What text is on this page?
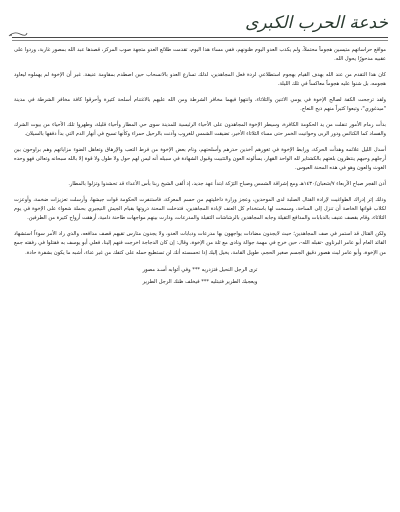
خدعة الحرب الكبرى

مواقع حراساتهم متيسين هجوماً محتملاً، ولم يكذب العدو اليوم ظنونهم، ففي مساء هذا اليوم، تقدمت طلائع العدو متجهة صوب المركز، قصدها عبد الله بمصور غاربة، وردوا على عقبيه مدحورًا يحول الله.

كان هذا التقدم من عند الله بهدف القيام بهجوم استطلاعي لردة فعل المجاهدين، لذلك تسارع العدو بالانسحاب حين اصطدم بمقاومة عنيفة. غير أن الإخوة لم يهملوه ليعاود هجومه، بل شنوا عليه هجوماً معاكساً في تلك الليلة.

ولقد ترجحت الكفة لصالح الإخوة في يومي الاثنين والثلاثاء، وانتهوا فيهما مخافر الشرطة ومن الله عليهم بالاغتنام أسلحة كثيرة وأحرقوا كافة مخافر الشرطة في مدينة "ميدغوري"، وتبعوا كثيراً منهم ذبح النعاج.

بدأت زمام الأمور تنفلت من يد الحكومة الكافرة، وسيطر الإخوة المجاهدون على الأحياء الرئيسية للمدينة سوى حي المطار وأحياء قليلة، وطهروا تلك الأحياء من بيوت الشرك والفساد كما الكنائس ودور الربى وحوانيت الخمر حتى مساء الثلاثاء الأخير، تضيقت الشمس للغروب وآذنت بالرحيل حمراء وكأنها تسيح في أنهار الدم التي بدأ دفقها بالسيلان.

أسدل الليل علائمه وهدأت الحركة، ورابط الإخوة في ثغورهم آخذين حذرهم وأسلحتهم، ونام بعض الإخوة من فرط التعب والإرهاق وتعاهل الضوء مزاياتهم وهم براوحون بين أرجلهم وحيهم ينتظرون بلغتهم بالكشتاير لله الواحد القهار، يسألونه العون والتثبيت وقبول الشهادة في سبيله أنه ليس لهم حول ولا طول ولا قوة إلا بالله سبحانه وتعالى فهو وحده الغوث والعون وهو في هذه المحنة العيوس.

أذن الفجر صباح الأربعاء ٧/شعبان/١٤٣٠هـ ومع إشراقة الشمس وصباح البَرَكة ابتدأ عهد جديد، إذ ألقى الشيخ ربنا بأس الأعداء قد تحشدوا وتزلوا بالمطار.

وذلك إثر إدراك الطواغيت لإرادة القتال الصلبة لدى الموحدين، وعجز وزارة داخليتهم من حسم المعركة، فاستنفرت الحكومة قوات جيشها، وأرسلت تعزيزات ضخمة، وأوعزت لكلاب قواتها الخاصة أن تنزل إلى الساحة، وسمحت لها باستخدام كل العنف لإبادة المجاهدين، فتدخلت المحنة ذروتها بقيام الجيش النيجيري بحملة شعواء على الإخوة في يوم الثلاثاء، وقام بقصف عنيف بالدبابات والمدافع الثقيلة وجابه المجاهدين بالرشاشات الثقيلة والمدرعات، ودارت بينهم مواجهات طاحنة دامية، أزهقت أرواح كثيرة من الطرفين.

ولكن القتال قد استمر في صف المجاهدين؛ حيث لايجدون مضادات يواجهون بها مدرعات ودبابات العدو، ولا يجدون متارس تقيهم قصف مدافعه، والذي زاد الأمر سوءاً استشهاد القائد العام أبو عامر البرناوي -تقبله الله-، حين خرج في مهمة جوالة ونادى مع ثلة من الإخوة، وقال: إن كان الدجاجة اخرجت فنهم إلينا، فعلي أبو يوسف به فقتلوا في رفقته جمع من الإخوة، وأبو عامر ليث هصور دقيق الجسم صغير الحجم، طويل القامة، يخيل إليك إذا تحسسته أنك لن تستطيع حمله على كتفك من غير عناء، أشبه ما يكون بشفرة حادة.

ترى الرجل النحيل فتزدريه *** وفي أثوابه أسـد مصور

ويعجبك الطرير فتبتليه *** فيخلف ظنك الرجل الطرير
